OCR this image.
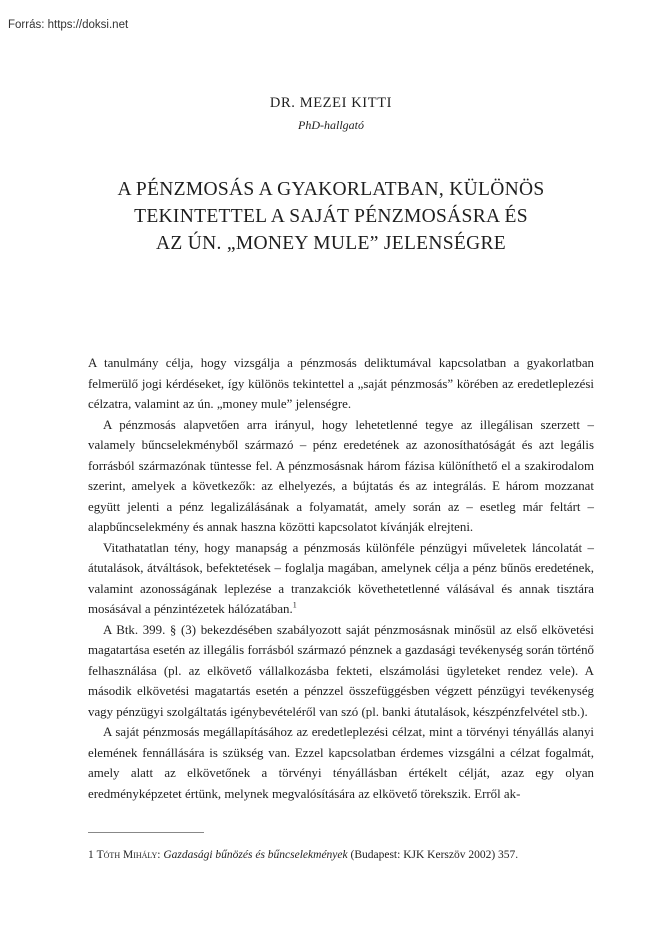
Forrás: https://doksi.net
DR. MEZEI KITTI
PhD-hallgató
A PÉNZMOSÁS A GYAKORLATBAN, KÜLÖNÖS
TEKINTETTEL A SAJÁT PÉNZMOSÁSRA ÉS
AZ ÚN. „MONEY MULE” JELENSÉGRE

A tanulmány célja, hogy vizsgálja a pénzmosás deliktumával kapcsolatban a gyakorlatban felmerülő jogi kérdéseket, így különös tekintettel a „saját pénzmosás” körében az eredetleplezési célzatra, valamint az ún. „money mule” jelenségre.

A pénzmosás alapvetően arra irányul, hogy lehetetlenné tegye az illegálisan szerzett – valamely bűncselekményből származó – pénz eredetének az azonosíthatóságát és azt legális forrásból származónak tüntesse fel. A pénzmosásnak három fázisa különíthető el a szakirodalom szerint, amelyek a következők: az elhelyezés, a bújtatás és az integrálás. E három mozzanat együtt jelenti a pénz legalizálásának a folyamatát, amely során az – esetleg már feltárt – alapbűncselekmény és annak haszna közötti kapcsolatot kívánják elrejteni.

Vitathatatlan tény, hogy manapság a pénzmosás különféle pénzügyi műveletek láncolatát – átutalások, átváltások, befektetések – foglalja magában, amelynek célja a pénz bűnös eredetének, valamint azonosságának leplezése a tranzakciók követhetetlenné válásával és annak tisztára mosásával a pénzintézetek hálózatában.$^1$

A Btk. 399. § (3) bekezdésében szabályozott saját pénzmosásnak minősül az első elkövetési magatartása esetén az illegális forrásból származó pénznek a gazdasági tevékenység során történő felhasználása (pl. az elkövető vállalkozásba fekteti, elszámolási ügyleteket rendez vele). A második elkövetési magatartás esetén a pénzzel összefüggésben végzett pénzügyi tevékenység vagy pénzügyi szolgáltatás igénybevételéről van szó (pl. banki átutalások, készpénzfelvétel stb.).

A saját pénzmosás megállapításához az eredetleplezési célzat, mint a törvényi tényállás alanyi elemének fennállására is szükség van. Ezzel kapcsolatban érdemes vizsgálni a célzat fogalmát, amely alatt az elkövetőnek a törvényi tényállásban értékelt célját, azaz egy olyan eredményképzetet értünk, melynek megvalósítására az elkövető törekszik. Erről ak-

1 Tóth Mihály: Gazdasági bűnözés és bűncselekmények (Budapest: KJK Kerszöv 2002) 357.
